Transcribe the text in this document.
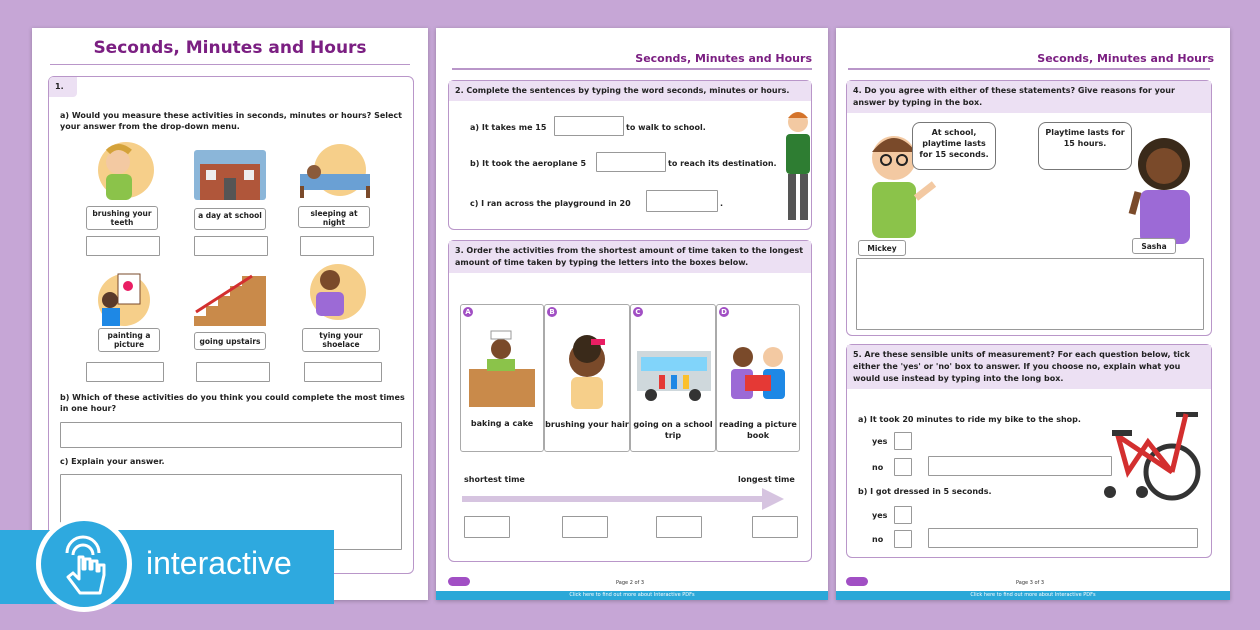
Seconds, Minutes and Hours
1.
a) Would you measure these activities in seconds, minutes or hours? Select your answer from the drop-down menu.
brushing your teeth
a day at school	sleeping at night
painting a picture	going upstairs
tying your shoelace
b) Which of these activities do you think you could complete the most times in one hour?
c) Explain your answer.
Seconds, Minutes and Hours
2. Complete the sentences by typing the word seconds, minutes or hours.
a) It takes me 15	to walk to school.
b) It took the aeroplane 5	to reach its destination.
c) I ran across the playground in 20	.
3. Order the activities from the shortest amount of time taken to the longest amount of time taken by typing the letters into the boxes below.
A
baking a cake
B
brushing your hair
C
going on a school trip
D
reading a picture book
shortest time	longest time
Page 2 of 3
Click here to find out more about Interactive PDFs
Seconds, Minutes and Hours
4. Do you agree with either of these statements? Give reasons for your answer by typing in the box.
At school, playtime lasts for 15 seconds.
Playtime lasts for 15 hours.
Mickey	Sasha
5. Are these sensible units of measurement? For each question below, tick either the 'yes' or 'no' box to answer. If you choose no, explain what you would use instead by typing into the long box.
a) It took 20 minutes to ride my bike to the shop.
yes
no
b) I got dressed in 5 seconds.
yes
no
Page 3 of 3
Click here to find out more about Interactive PDFs
interactive
